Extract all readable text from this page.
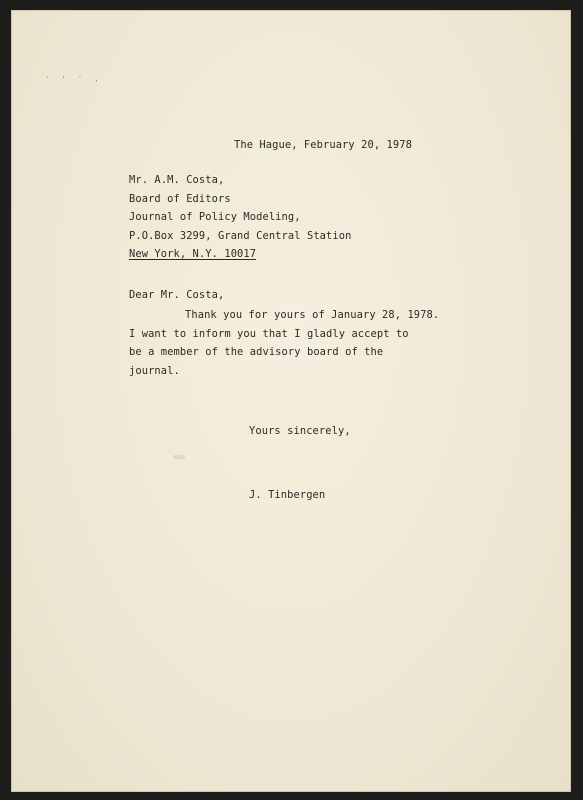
' ' ' ,
The Hague, February 20, 1978
Mr. A.M. Costa,
Board of Editors
Journal of Policy Modeling,
P.O.Box 3299, Grand Central Station
New York, N.Y. 10017
Dear Mr. Costa,
Thank you for yours of January 28, 1978.
I want to inform you that I gladly accept to
be a member of the advisory board of the
journal.
Yours sincerely,
J. Tinbergen
